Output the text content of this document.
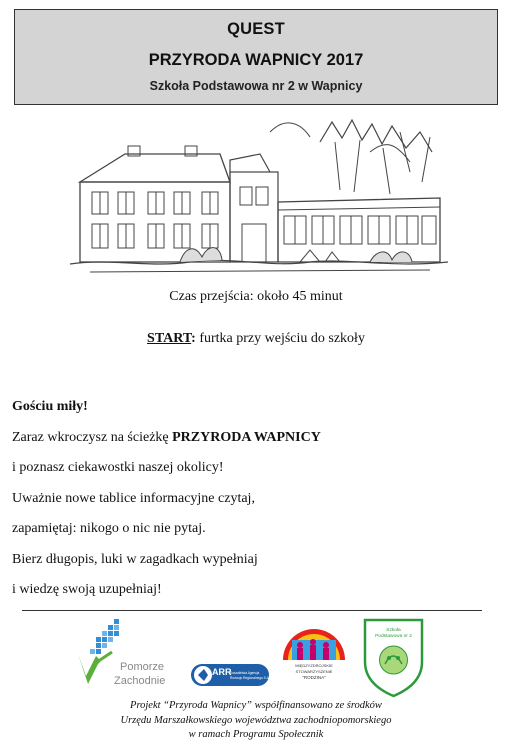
QUEST
PRZYRODA WAPNICY 2017
Szkoła Podstawowa nr 2 w Wapnicy
Czas przejścia: około 45 minut
START: furtka przy wejściu do szkoły
Gościu miły!
Zaraz wkroczysz na ścieżkę PRZYRODA WAPNICY
i poznasz ciekawostki naszej okolicy!
Uważnie nowe tablice informacyjne czytaj,
zapamiętaj: nikogo o nic nie pytaj.
Bierz długopis, luki w zagadkach wypełniaj
i wiedzę swoją uzupełniaj!
Pomorze
Zachodnie
ARR
Koszalińska Agencja
Rozwoju Regionalnego S.A.
MIĘDZYZDROJSKIE
STOWARZYSZENIE
"RODZINA"
Szkoła
Podstawowa nr 2
Projekt “Przyroda Wapnicy” współfinansowano ze środków
Urzędu Marszałkowskiego województwa zachodniopomorskiego
w ramach Programu Społecznik
